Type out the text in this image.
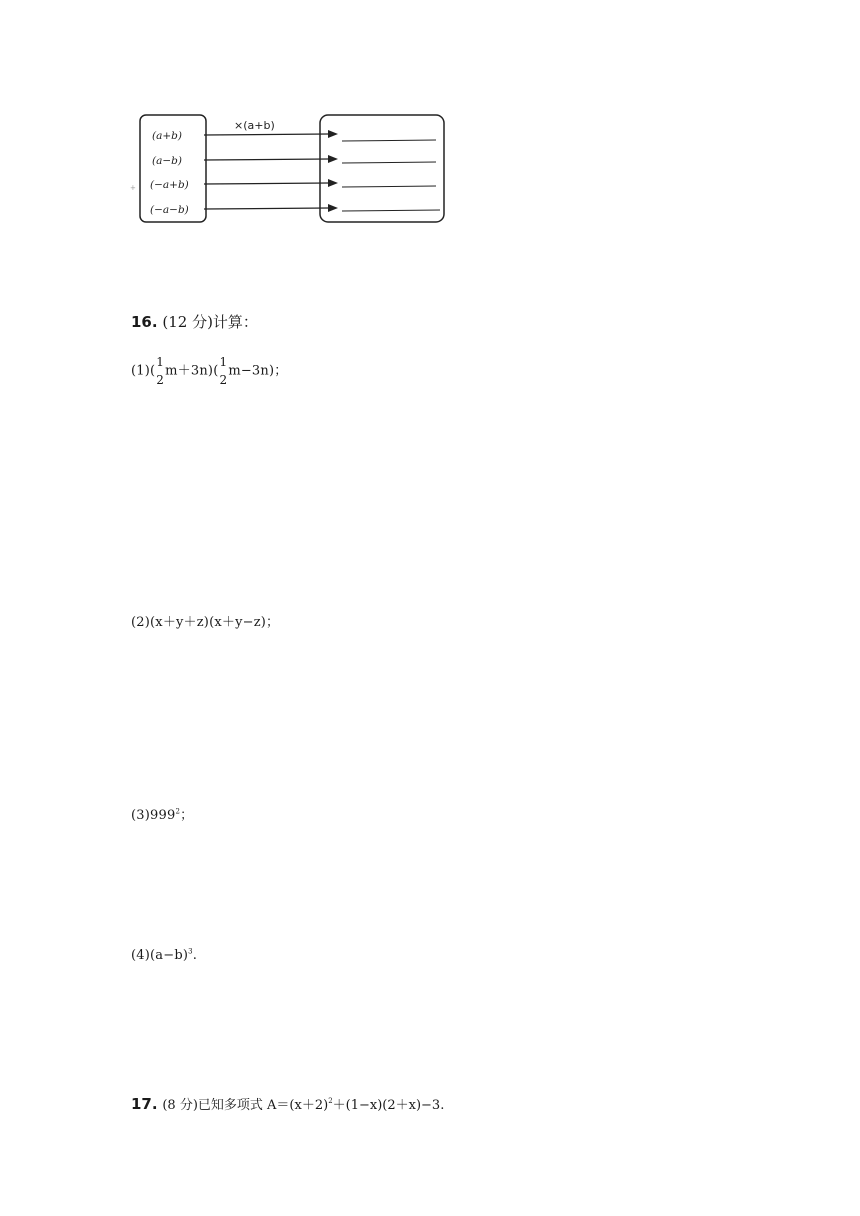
×(a+b)
(a+b)
(a−b)
(−a+b)
(−a−b)
+
16. (12 分)计算：
(1)(
1
2
m＋3n)(
1
2
m−3n)；
(2)(x＋y＋z)(x＋y−z)；
$(3)999^2$；
$(4)(a-b)^3$.
17. (8 分)已知多项式 $A=(x+2)^2+(1-x)(2+x)-3$.
